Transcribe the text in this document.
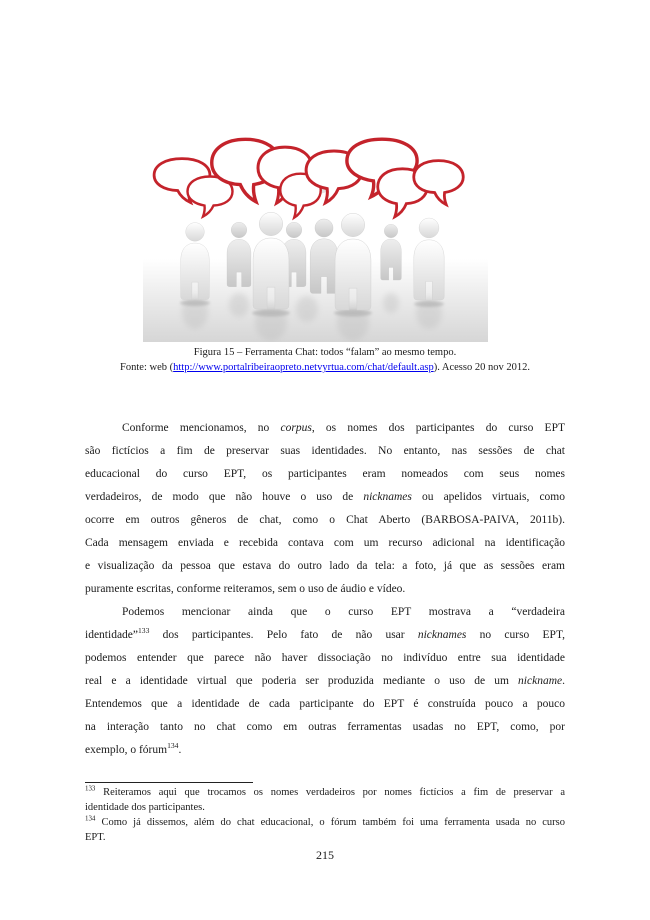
Figura 15 – Ferramenta Chat: todos “falam” ao mesmo tempo.
Fonte: web (http://www.portalribeiraopreto.netvyrtua.com/chat/default.asp). Acesso 20 nov 2012.
Conforme mencionamos, no corpus, os nomes dos participantes do curso EPT
são fictícios a fim de preservar suas identidades. No entanto, nas sessões de chat
educacional do curso EPT, os participantes eram nomeados com seus nomes
verdadeiros, de modo que não houve o uso de nicknames ou apelidos virtuais, como
ocorre em outros gêneros de chat, como o Chat Aberto (BARBOSA-PAIVA, 2011b).
Cada mensagem enviada e recebida contava com um recurso adicional na identificação
e visualização da pessoa que estava do outro lado da tela: a foto, já que as sessões eram
puramente escritas, conforme reiteramos, sem o uso de áudio e vídeo.
Podemos mencionar ainda que o curso EPT mostrava a “verdadeira
identidade”$^{133}$ dos participantes. Pelo fato de não usar nicknames no curso EPT,
podemos entender que parece não haver dissociação no indivíduo entre sua identidade
real e a identidade virtual que poderia ser produzida mediante o uso de um nickname.
Entendemos que a identidade de cada participante do EPT é construída pouco a pouco
na interação tanto no chat como em outras ferramentas usadas no EPT, como, por
exemplo, o fórum$^{134}$.
$^{133}$ Reiteramos aqui que trocamos os nomes verdadeiros por nomes fictícios a fim de preservar a
identidade dos participantes.
$^{134}$ Como já dissemos, além do chat educacional, o fórum também foi uma ferramenta usada no curso
EPT.
215
